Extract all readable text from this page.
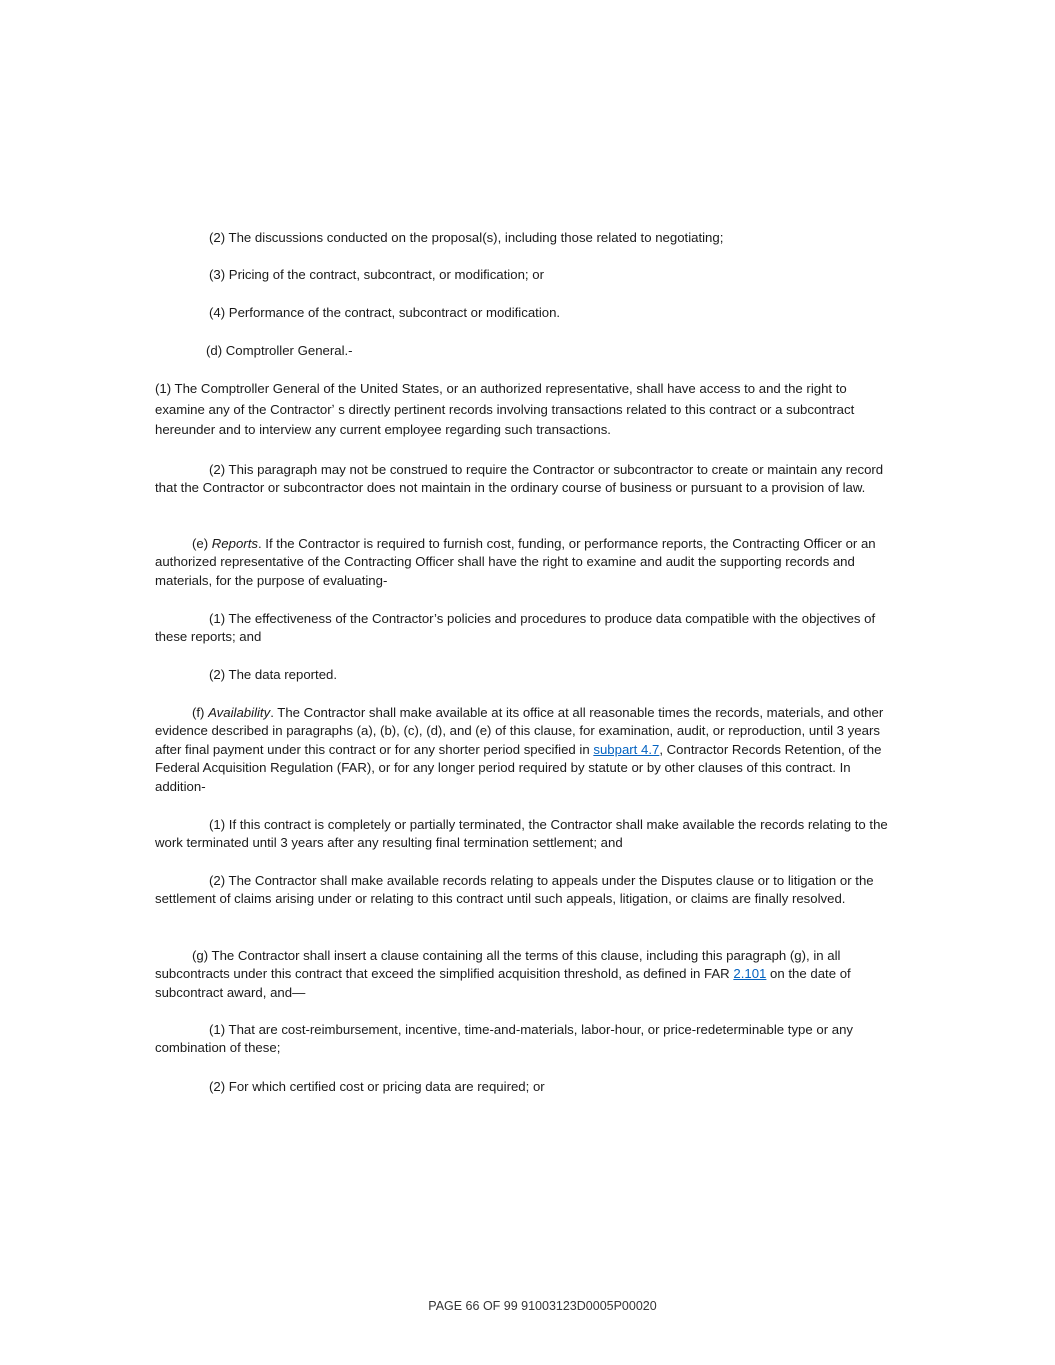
(2) The discussions conducted on the proposal(s), including those related to negotiating;

(3) Pricing of the contract, subcontract, or modification; or

(4) Performance of the contract, subcontract or modification.

(d) Comptroller General.-

(1) The Comptroller General of the United States, or an authorized representative, shall have access to and the right to examine any of the Contractorʼ s directly pertinent records involving transactions related to this contract or a subcontract hereunder and to interview any current employee regarding such transactions.

(2) This paragraph may not be construed to require the Contractor or subcontractor to create or maintain any record that the Contractor or subcontractor does not maintain in the ordinary course of business or pursuant to a provision of law.

(e) Reports. If the Contractor is required to furnish cost, funding, or performance reports, the Contracting Officer or an authorized representative of the Contracting Officer shall have the right to examine and audit the supporting records and materials, for the purpose of evaluating-

(1) The effectiveness of the Contractor’s policies and procedures to produce data compatible with the objectives of these reports; and

(2) The data reported.

(f) Availability. The Contractor shall make available at its office at all reasonable times the records, materials, and other evidence described in paragraphs (a), (b), (c), (d), and (e) of this clause, for examination, audit, or reproduction, until 3 years after final payment under this contract or for any shorter period specified in subpart 4.7, Contractor Records Retention, of the Federal Acquisition Regulation (FAR), or for any longer period required by statute or by other clauses of this contract. In addition-

(1) If this contract is completely or partially terminated, the Contractor shall make available the records relating to the work terminated until 3 years after any resulting final termination settlement; and

(2) The Contractor shall make available records relating to appeals under the Disputes clause or to litigation or the settlement of claims arising under or relating to this contract until such appeals, litigation, or claims are finally resolved.

(g) The Contractor shall insert a clause containing all the terms of this clause, including this paragraph (g), in all subcontracts under this contract that exceed the simplified acquisition threshold, as defined in FAR 2.101 on the date of subcontract award, and—

(1) That are cost-reimbursement, incentive, time-and-materials, labor-hour, or price-redeterminable type or any combination of these;

(2) For which certified cost or pricing data are required; or

PAGE 66 OF 99 91003123D0005P00020
